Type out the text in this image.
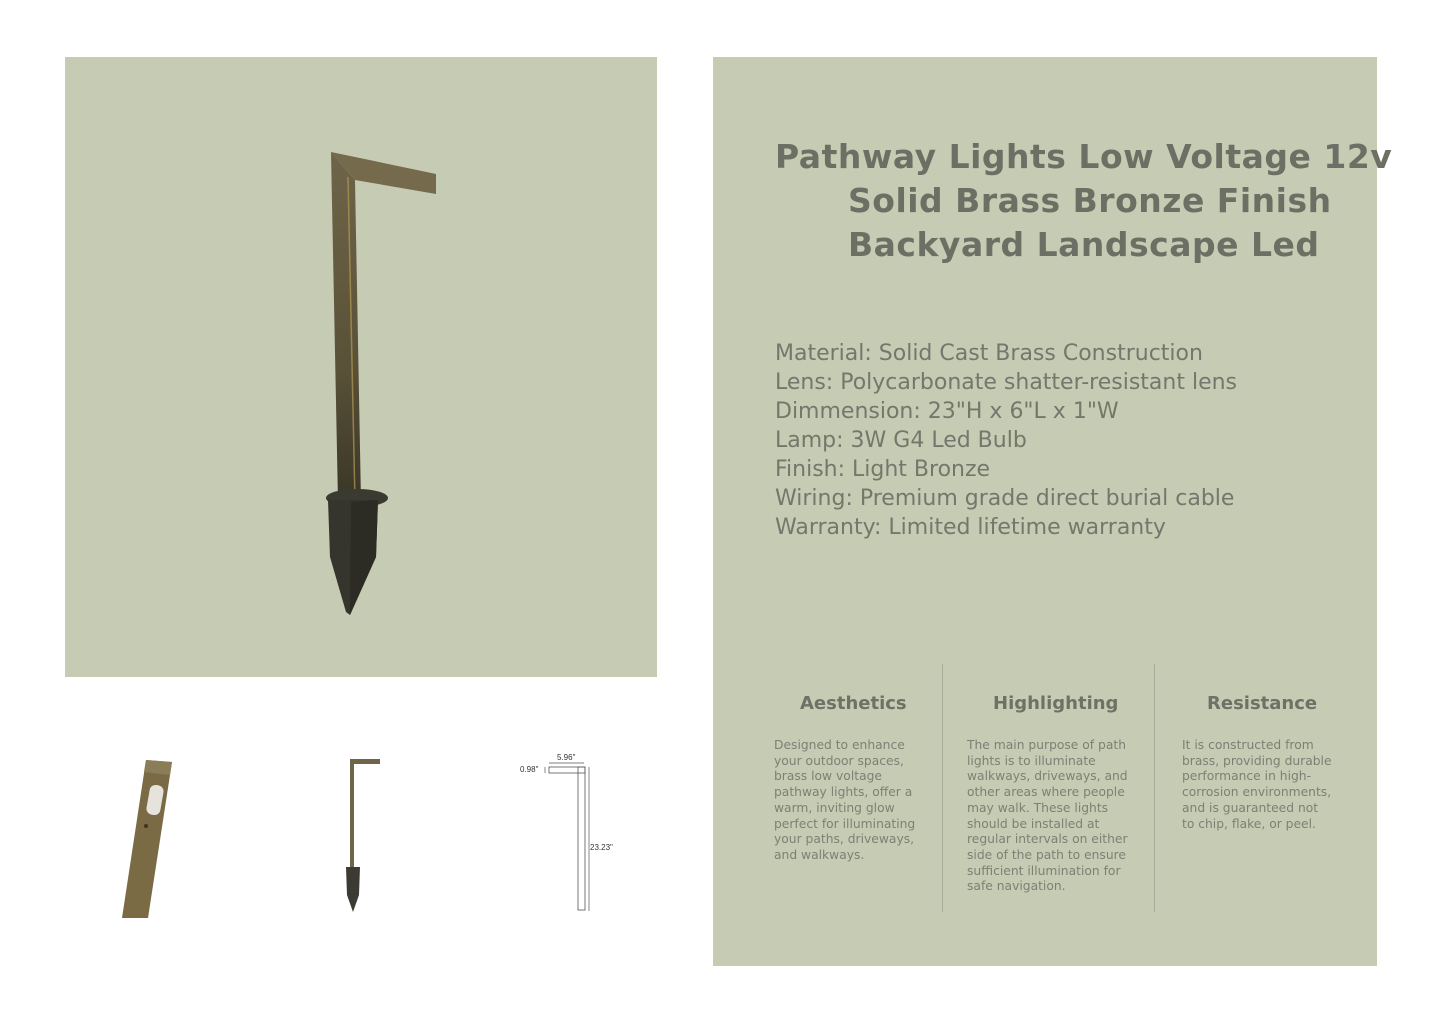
5.96"
0.98"
23.23"
Pathway Lights Low Voltage 12v
Solid Brass Bronze Finish
Backyard Landscape Led
Material: Solid Cast Brass Construction
Lens: Polycarbonate shatter-resistant lens
Dimmension: 23"H x 6"L x 1"W
Lamp: 3W G4 Led Bulb
Finish: Light Bronze
Wiring: Premium grade direct burial cable
Warranty: Limited lifetime warranty
Aesthetics

Designed to enhance your outdoor spaces, brass low voltage pathway lights, offer a warm, inviting glow perfect for illuminating your paths, driveways, and walkways.

Highlighting

The main purpose of path lights is to illuminate walkways, driveways, and other areas where people may walk. These lights should be installed at regular intervals on either side of the path to ensure sufficient illumination for safe navigation.

Resistance

It is constructed from brass, providing durable performance in high-corrosion environments, and is guaranteed not to chip, flake, or peel.
